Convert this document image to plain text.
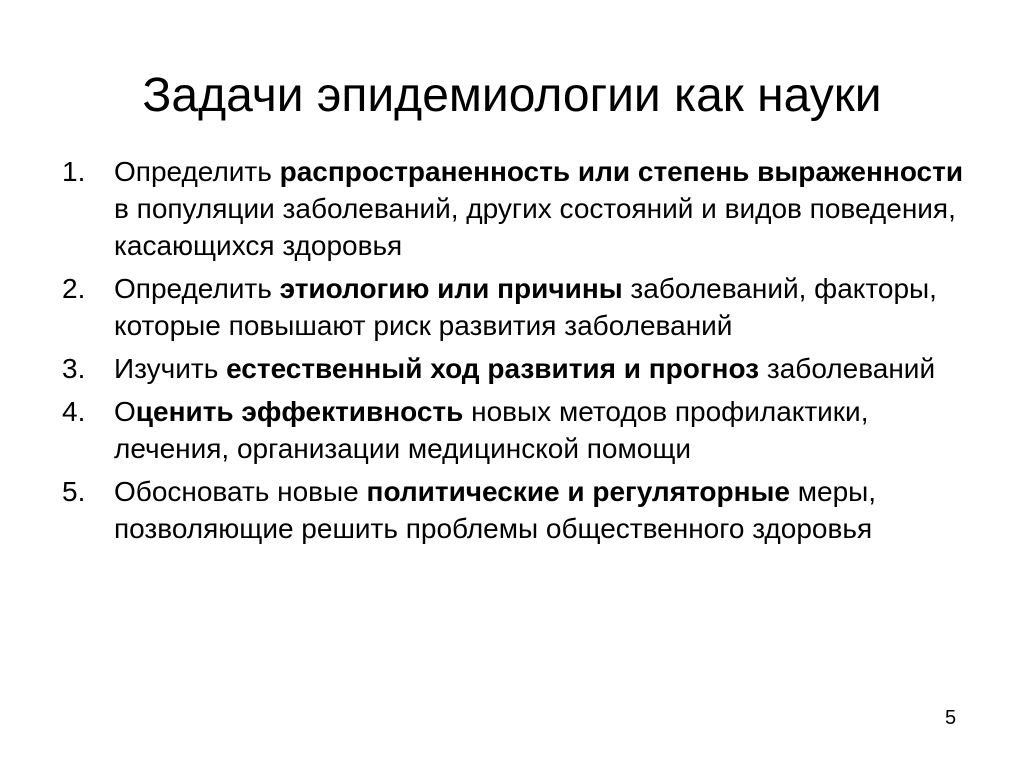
Задачи эпидемиологии как науки
1. Определить распространенность или степень выраженности в популяции заболеваний, других состояний и видов поведения, касающихся здоровья
2. Определить этиологию или причины заболеваний, факторы, которые повышают риск развития заболеваний
3. Изучить естественный ход развития и прогноз заболеваний
4. Оценить эффективность новых методов профилактики, лечения, организации медицинской помощи
5. Обосновать новые политические и регуляторные меры, позволяющие решить проблемы общественного здоровья
5
